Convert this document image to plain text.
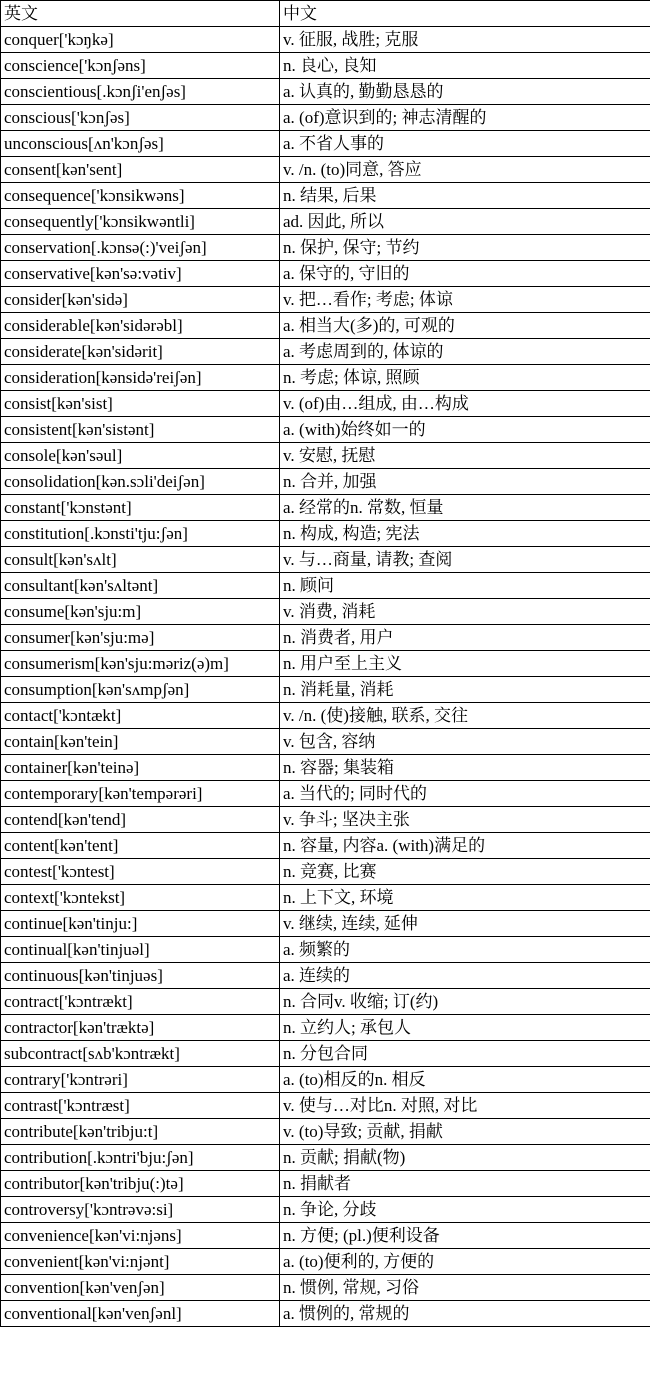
英文	中文
conquer['kɔŋkə]	v. 征服, 战胜; 克服
conscience['kɔnʃəns]	n. 良心, 良知
conscientious[.kɔnʃi'enʃəs]	a. 认真的, 勤勤恳恳的
conscious['kɔnʃəs]	a. (of)意识到的; 神志清醒的
unconscious[ʌn'kɔnʃəs]	a. 不省人事的
consent[kən'sent]	v. /n. (to)同意, 答应
consequence['kɔnsikwəns]	n. 结果, 后果
consequently['kɔnsikwəntli]	ad. 因此, 所以
conservation[.kɔnsə(:)'veiʃən]	n. 保护, 保守; 节约
conservative[kən'sə:vətiv]	a. 保守的, 守旧的
consider[kən'sidə]	v. 把…看作; 考虑; 体谅
considerable[kən'sidərəbl]	a. 相当大(多)的, 可观的
considerate[kən'sidərit]	a. 考虑周到的, 体谅的
consideration[kənsidə'reiʃən]	n. 考虑; 体谅, 照顾
consist[kən'sist]	v. (of)由…组成, 由…构成
consistent[kən'sistənt]	a. (with)始终如一的
console[kən'səul]	v. 安慰, 抚慰
consolidation[kən.sɔli'deiʃən]	n. 合并, 加强
constant['kɔnstənt]	a. 经常的n. 常数, 恒量
constitution[.kɔnsti'tju:ʃən]	n. 构成, 构造; 宪法
consult[kən'sʌlt]	v. 与…商量, 请教; 查阅
consultant[kən'sʌltənt]	n. 顾问
consume[kən'sju:m]	v. 消费, 消耗
consumer[kən'sju:mə]	n. 消费者, 用户
consumerism[kən'sju:məriz(ə)m]	n. 用户至上主义
consumption[kən'sʌmpʃən]	n. 消耗量, 消耗
contact['kɔntækt]	v. /n. (使)接触, 联系, 交往
contain[kən'tein]	v. 包含, 容纳
container[kən'teinə]	n. 容器; 集装箱
contemporary[kən'tempərəri]	a. 当代的; 同时代的
contend[kən'tend]	v. 争斗; 坚决主张
content[kən'tent]	n. 容量, 内容a. (with)满足的
contest['kɔntest]	n. 竞赛, 比赛
context['kɔntekst]	n. 上下文, 环境
continue[kən'tinju:]	v. 继续, 连续, 延伸
continual[kən'tinjuəl]	a. 频繁的
continuous[kən'tinjuəs]	a. 连续的
contract['kɔntrækt]	n. 合同v. 收缩; 订(约)
contractor[kən'træktə]	n. 立约人; 承包人
subcontract[sʌb'kɔntrækt]	n. 分包合同
contrary['kɔntrəri]	a. (to)相反的n. 相反
contrast['kɔntræst]	v. 使与…对比n. 对照, 对比
contribute[kən'tribju:t]	v. (to)导致; 贡献, 捐献
contribution[.kɔntri'bju:ʃən]	n. 贡献; 捐献(物)
contributor[kən'tribju(:)tə]	n. 捐献者
controversy['kɔntrəvə:si]	n. 争论, 分歧
convenience[kən'vi:njəns]	n. 方便; (pl.)便利设备
convenient[kən'vi:njənt]	a. (to)便利的, 方便的
convention[kən'venʃən]	n. 惯例, 常规, 习俗
conventional[kən'venʃənl]	a. 惯例的, 常规的
